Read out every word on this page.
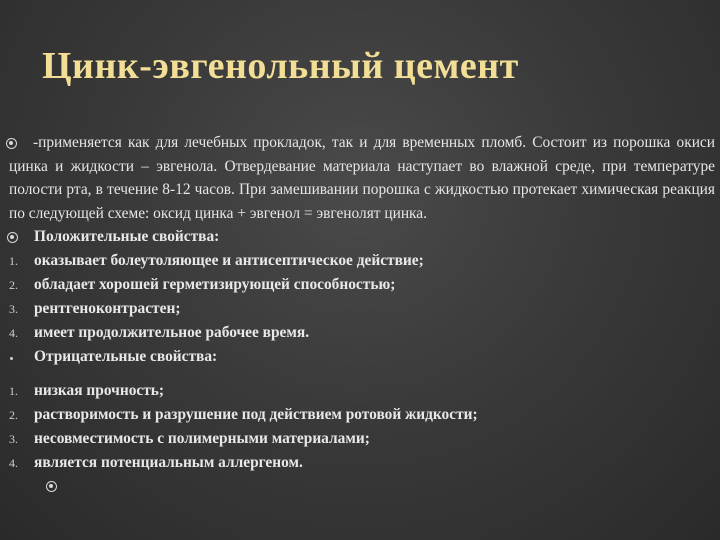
Цинк-эвгенольный цемент

-применяется как для лечебных прокладок, так и для временных пломб. Состоит из порошка окиси цинка и жидкости – эвгенола. Отвердевание материала наступает во влажной среде, при температуре полости рта, в течение 8-12 часов. При замешивании порошка с жидкостью протекает химическая реакция по следующей схеме: оксид цинка + эвгенол = эвгенолят цинка.

Положительные свойства:
1.	оказывает болеутоляющее и антисептическое действие;
2.	обладает хорошей герметизирующей способностью;
3.	рентгеноконтрастен;
4.	имеет продолжительное рабочее время.
Отрицательные свойства:
1.	низкая прочность;
2.	растворимость и разрушение под действием ротовой жидкости;
3.	несовместимость с полимерными материалами;
4.	является потенциальным аллергеном.
